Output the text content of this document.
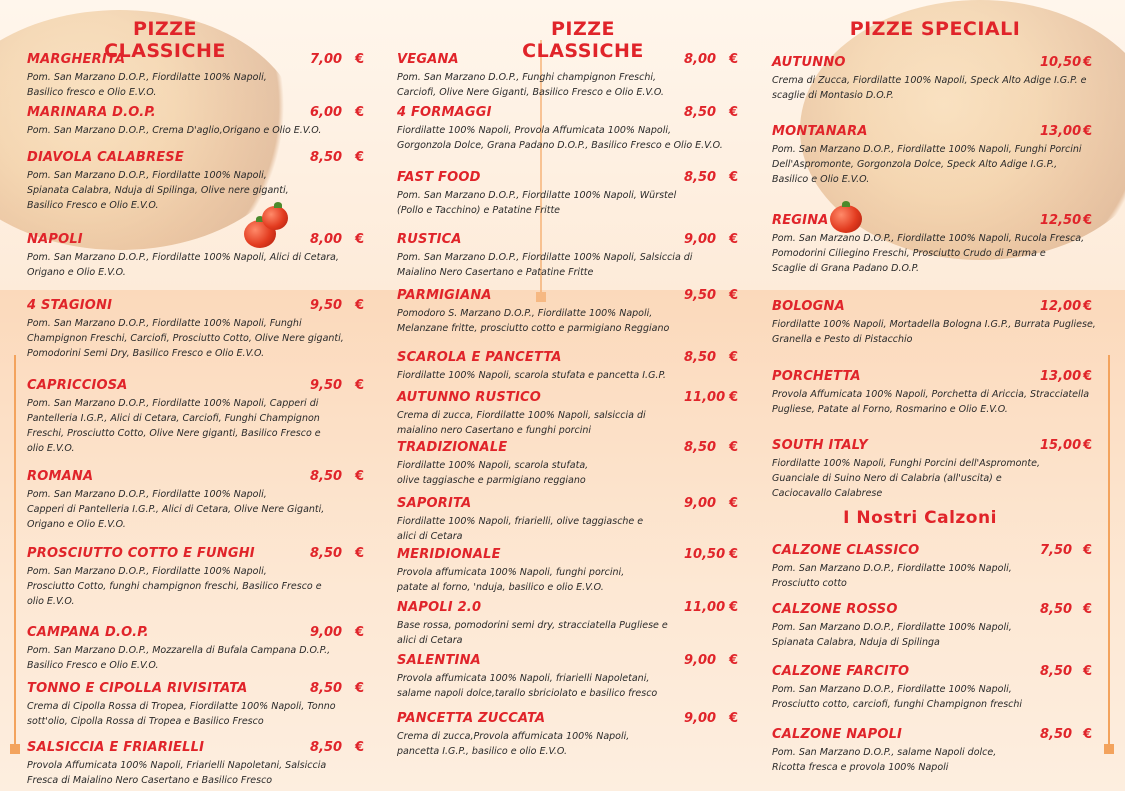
PIZZE CLASSICHE
PIZZE CLASSICHE
PIZZE SPECIALI
I Nostri Calzoni
MARGHERITA	7,00 €
Pom. San Marzano D.O.P., Fiordilatte 100% Napoli,
Basilico fresco e Olio E.V.O.
MARINARA D.O.P.	6,00 €
Pom. San Marzano D.O.P., Crema D'aglio,Origano e Olio E.V.O.
DIAVOLA CALABRESE	8,50 €
Pom. San Marzano D.O.P., Fiordilatte 100% Napoli,
Spianata Calabra, Nduja di Spilinga, Olive nere giganti,
Basilico Fresco e Olio E.V.O.
NAPOLI	8,00 €
Pom. San Marzano D.O.P., Fiordilatte 100% Napoli, Alici di Cetara,
Origano e Olio E.V.O.
4 STAGIONI	9,50 €
Pom. San Marzano D.O.P., Fiordilatte 100% Napoli, Funghi
Champignon Freschi, Carciofi, Prosciutto Cotto, Olive Nere giganti,
Pomodorini Semi Dry, Basilico Fresco e Olio E.V.O.
CAPRICCIOSA	9,50 €
Pom. San Marzano D.O.P., Fiordilatte 100% Napoli, Capperi di
Pantelleria I.G.P., Alici di Cetara, Carciofi, Funghi Champignon
Freschi, Prosciutto Cotto, Olive Nere giganti, Basilico Fresco e
olio E.V.O.
ROMANA	8,50 €
Pom. San Marzano D.O.P., Fiordilatte 100% Napoli,
Capperi di Pantelleria I.G.P., Alici di Cetara, Olive Nere Giganti,
Origano e Olio E.V.O.
PROSCIUTTO COTTO E FUNGHI	8,50 €
Pom. San Marzano D.O.P., Fiordilatte 100% Napoli,
Prosciutto Cotto, funghi champignon freschi, Basilico Fresco e
olio E.V.O.
CAMPANA D.O.P.	9,00 €
Pom. San Marzano D.O.P., Mozzarella di Bufala Campana D.O.P.,
Basilico Fresco e Olio E.V.O.
TONNO E CIPOLLA RIVISITATA	8,50 €
Crema di Cipolla Rossa di Tropea, Fiordilatte 100% Napoli, Tonno
sott'olio, Cipolla Rossa di Tropea e Basilico Fresco
SALSICCIA E FRIARIELLI	8,50 €
Provola Affumicata 100% Napoli, Friarielli Napoletani, Salsiccia
Fresca di Maialino Nero Casertano e Basilico Fresco
VEGANA	8,00 €
Pom. San Marzano D.O.P., Funghi champignon Freschi,
Carciofi, Olive Nere Giganti, Basilico Fresco e Olio E.V.O.
4 FORMAGGI	8,50 €
Fiordilatte 100% Napoli, Provola Affumicata 100% Napoli,
Gorgonzola Dolce, Grana Padano D.O.P., Basilico Fresco e Olio E.V.O.
FAST FOOD	8,50 €
Pom. San Marzano D.O.P., Fiordilatte 100% Napoli, Würstel
(Pollo e Tacchino) e Patatine Fritte
RUSTICA	9,00 €
Pom. San Marzano D.O.P., Fiordilatte 100% Napoli, Salsiccia di
Maialino Nero Casertano e Patatine Fritte
PARMIGIANA	9,50 €
Pomodoro S. Marzano D.O.P., Fiordilatte 100% Napoli,
Melanzane fritte, prosciutto cotto e parmigiano Reggiano
SCAROLA E PANCETTA	8,50 €
Fiordilatte 100% Napoli, scarola stufata e pancetta I.G.P.
AUTUNNO RUSTICO	11,00 €
Crema di zucca, Fiordilatte 100% Napoli, salsiccia di
maialino nero Casertano e funghi porcini
TRADIZIONALE	8,50 €
Fiordilatte 100% Napoli, scarola stufata,
olive taggiasche e parmigiano reggiano
SAPORITA	9,00 €
Fiordilatte 100% Napoli, friarielli, olive taggiasche e
alici di Cetara
MERIDIONALE	10,50 €
Provola affumicata 100% Napoli, funghi porcini,
patate al forno, 'nduja, basilico e olio E.V.O.
NAPOLI 2.0	11,00 €
Base rossa, pomodorini semi dry, stracciatella Pugliese e
alici di Cetara
SALENTINA	9,00 €
Provola affumicata 100% Napoli, friarielli Napoletani,
salame napoli dolce,tarallo sbriciolato e basilico fresco
PANCETTA ZUCCATA	9,00 €
Crema di zucca,Provola affumicata 100% Napoli,
pancetta I.G.P., basilico e olio E.V.O.
AUTUNNO	10,50 €
Crema di Zucca, Fiordilatte 100% Napoli, Speck Alto Adige I.G.P. e
scaglie di Montasio D.O.P.
MONTANARA	13,00 €
Pom. San Marzano D.O.P., Fiordilatte 100% Napoli, Funghi Porcini
Dell'Aspromonte, Gorgonzola Dolce, Speck Alto Adige I.G.P.,
Basilico e Olio E.V.O.
REGINA	12,50 €
Pom. San Marzano D.O.P., Fiordilatte 100% Napoli, Rucola Fresca,
Pomodorini Ciliegino Freschi, Prosciutto Crudo di Parma e
Scaglie di Grana Padano D.O.P.
BOLOGNA	12,00 €
Fiordilatte 100% Napoli, Mortadella Bologna I.G.P., Burrata Pugliese,
Granella e Pesto di Pistacchio
PORCHETTA	13,00 €
Provola Affumicata 100% Napoli, Porchetta di Ariccia, Stracciatella
Pugliese, Patate al Forno, Rosmarino e Olio E.V.O.
SOUTH ITALY	15,00 €
Fiordilatte 100% Napoli, Funghi Porcini dell'Aspromonte,
Guanciale di Suino Nero di Calabria (all'uscita) e
Caciocavallo Calabrese
CALZONE CLASSICO	7,50 €
Pom. San Marzano D.O.P., Fiordilatte 100% Napoli,
Prosciutto cotto
CALZONE ROSSO	8,50 €
Pom. San Marzano D.O.P., Fiordilatte 100% Napoli,
Spianata Calabra, Nduja di Spilinga
CALZONE FARCITO	8,50 €
Pom. San Marzano D.O.P., Fiordilatte 100% Napoli,
Prosciutto cotto, carciofi, funghi Champignon freschi
CALZONE NAPOLI	8,50 €
Pom. San Marzano D.O.P., salame Napoli dolce,
Ricotta fresca e provola 100% Napoli
